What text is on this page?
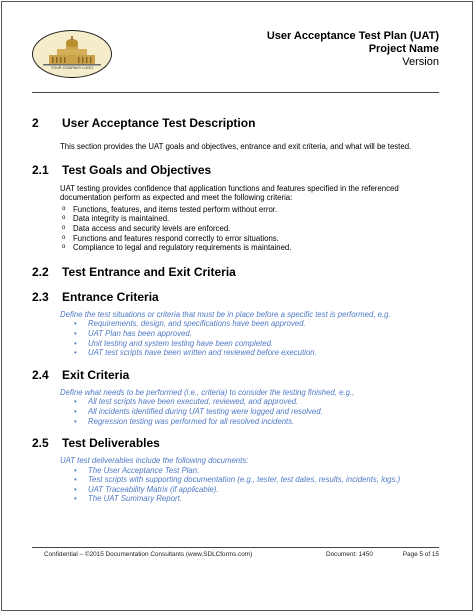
YOUR COMPANY LOGO
User Acceptance Test Plan (UAT)
Project Name
Version
2	User Acceptance Test Description

This section provides the UAT goals and objectives, entrance and exit criteria, and what will be tested.

2.1	Test Goals and Objectives

UAT testing provides confidence that application functions and features specified in the referenced documentation perform as expected and meet the following criteria:

o Functions, features, and items tested perform without error.
o Data integrity is maintained.
o Data access and security levels are enforced.
o Functions and features respond correctly to error situations.
o Compliance to legal and regulatory requirements is maintained.
2.2	Test Entrance and Exit Criteria
2.3	Entrance Criteria

Define the test situations or criteria that must be in place before a specific test is performed, e.g.

• Requirements, design, and specifications have been approved.
• UAT Plan has been approved.
• Unit testing and system testing have been completed.
• UAT test scripts have been written and reviewed before execution.
2.4	Exit Criteria

Define what needs to be performed (i.e., criteria) to consider the testing finished, e.g.,

• All test scripts have been executed, reviewed, and approved.
• All incidents identified during UAT testing were logged and resolved.
• Regression testing was performed for all resolved incidents.
2.5	Test Deliverables

UAT test deliverables include the following documents:

• The User Acceptance Test Plan.
• Test scripts with supporting documentation (e.g., tester, test dates, results, incidents, logs.)
• UAT Traceability Matrix (if applicable).
• The UAT Summary Report.
Confidential – ©2015 Documentation Consultants (www.SDLCforms.com)	Document: 1450	Page 5 of 15
